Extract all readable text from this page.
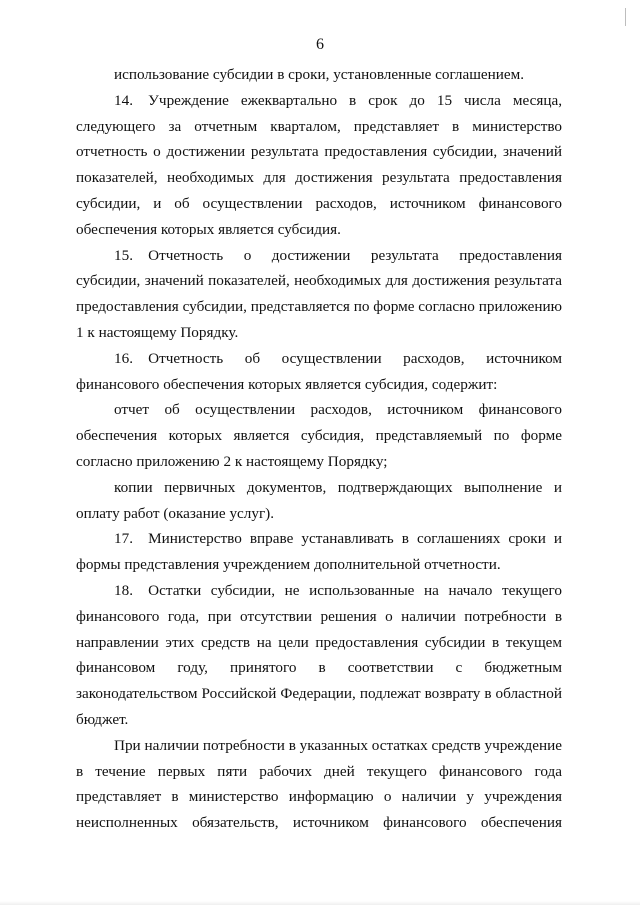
6

использование субсидии в сроки, установленные соглашением.

14. Учреждение ежеквартально в срок до 15 числа месяца, следующего за отчетным кварталом, представляет в министерство отчетность о достижении результата предоставления субсидии, значений показателей, необходимых для достижения результата предоставления субсидии, и об осуществлении расходов, источником финансового обеспечения которых является субсидия.

15. Отчетность о достижении результата предоставления субсидии, значений показателей, необходимых для достижения результата предоставления субсидии, представляется по форме согласно приложению 1 к настоящему Порядку.

16. Отчетность об осуществлении расходов, источником финансового обеспечения которых является субсидия, содержит:

отчет об осуществлении расходов, источником финансового обеспечения которых является субсидия, представляемый по форме согласно приложению 2 к настоящему Порядку;

копии первичных документов, подтверждающих выполнение и оплату работ (оказание услуг).

17. Министерство вправе устанавливать в соглашениях сроки и формы представления учреждением дополнительной отчетности.

18. Остатки субсидии, не использованные на начало текущего финансового года, при отсутствии решения о наличии потребности в направлении этих средств на цели предоставления субсидии в текущем финансовом году, принятого в соответствии с бюджетным законодательством Российской Федерации, подлежат возврату в областной бюджет.

При наличии потребности в указанных остатках средств учреждение в течение первых пяти рабочих дней текущего финансового года представляет в министерство информацию о наличии у учреждения неисполненных обязательств, источником финансового обеспечения
